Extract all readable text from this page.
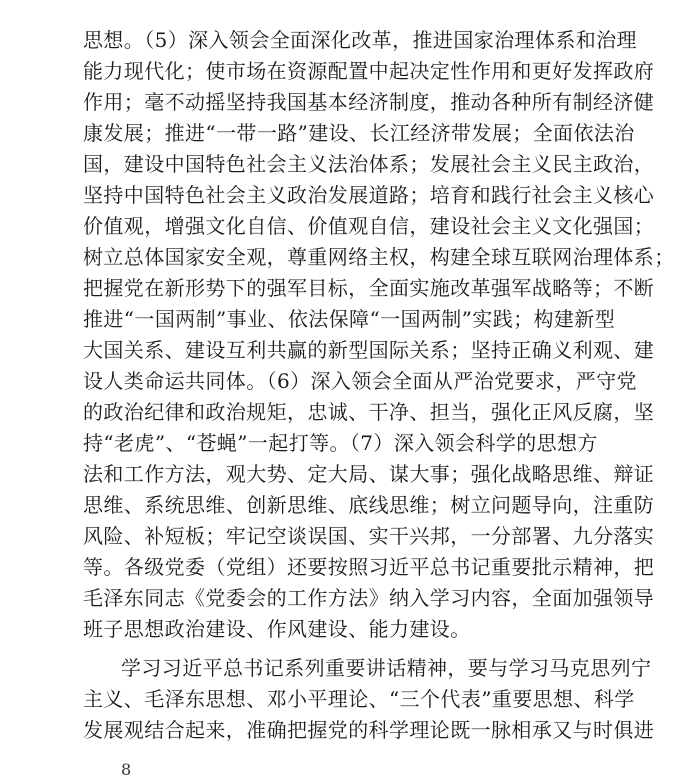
思想。（5）深入领会全面深化改革，推进国家治理体系和治理
能力现代化；使市场在资源配置中起决定性作用和更好发挥政府
作用；毫不动摇坚持我国基本经济制度，推动各种所有制经济健
康发展；推进“一带一路”建设、长江经济带发展；全面依法治
国，建设中国特色社会主义法治体系；发展社会主义民主政治，
坚持中国特色社会主义政治发展道路；培育和践行社会主义核心
价值观，增强文化自信、价值观自信，建设社会主义文化强国；
树立总体国家安全观，尊重网络主权，构建全球互联网治理体系；
把握党在新形势下的强军目标，全面实施改革强军战略等；不断
推进“一国两制”事业、依法保障“一国两制”实践；构建新型
大国关系、建设互利共赢的新型国际关系；坚持正确义利观、建
设人类命运共同体。（6）深入领会全面从严治党要求，严守党
的政治纪律和政治规矩，忠诚、干净、担当，强化正风反腐，坚
持“老虎”、“苍蝇”一起打等。（7）深入领会科学的思想方
法和工作方法，观大势、定大局、谋大事；强化战略思维、辩证
思维、系统思维、创新思维、底线思维；树立问题导向，注重防
风险、补短板；牢记空谈误国、实干兴邦，一分部署、九分落实
等。各级党委（党组）还要按照习近平总书记重要批示精神，把
毛泽东同志《党委会的工作方法》纳入学习内容，全面加强领导
班子思想政治建设、作风建设、能力建设。
学习习近平总书记系列重要讲话精神，要与学习马克思列宁
主义、毛泽东思想、邓小平理论、“三个代表”重要思想、科学
发展观结合起来，准确把握党的科学理论既一脉相承又与时俱进
8
